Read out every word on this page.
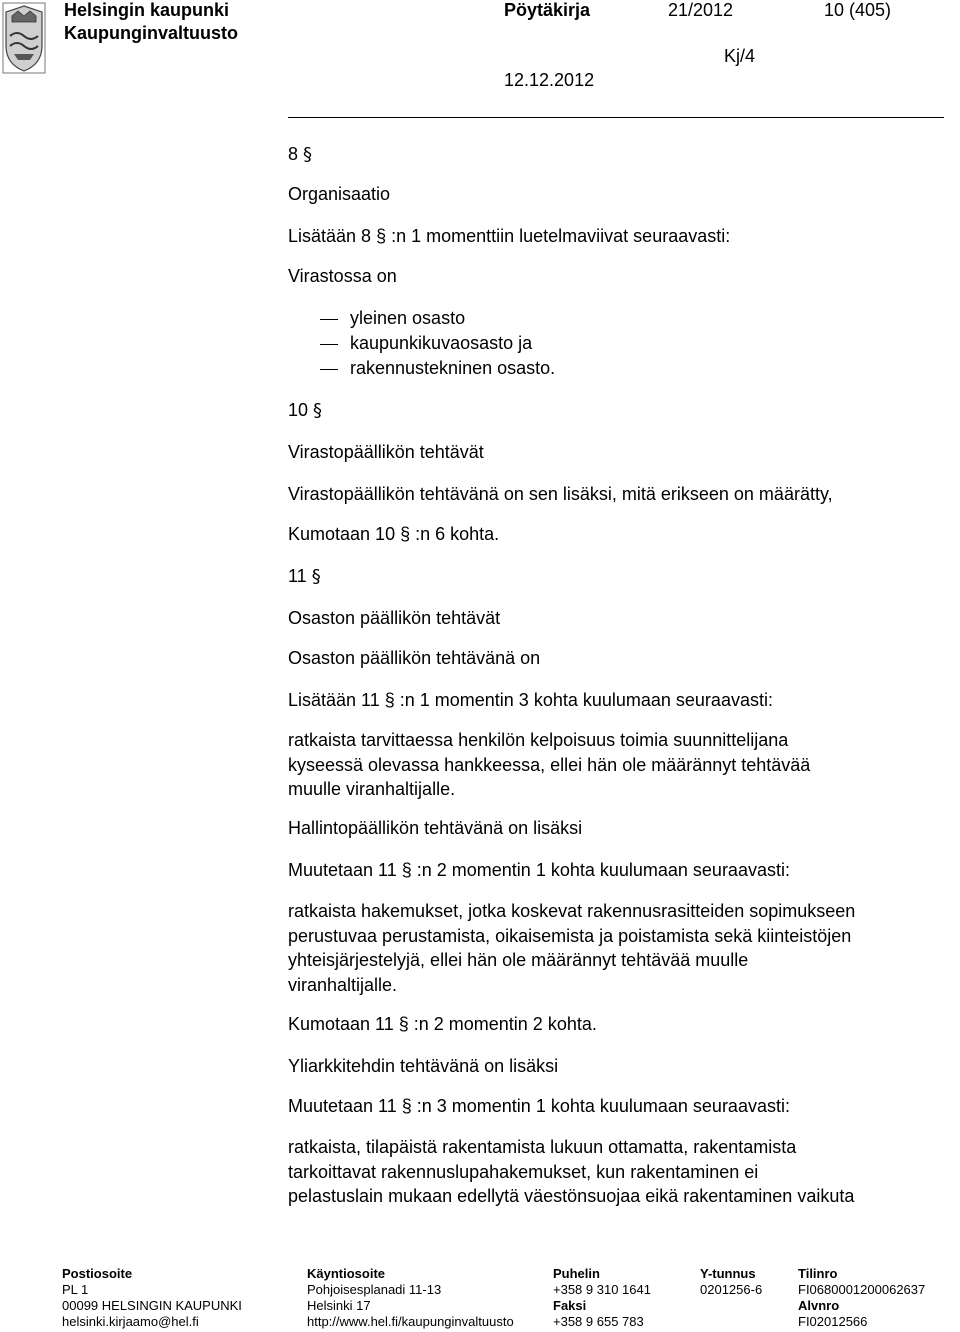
Helsingin kaupunki
Kaupunginvaltuusto
Pöytäkirja	21/2012	10 (405)
Kj/4
12.12.2012
8 §
Organisaatio
Lisätään 8 § :n 1 momenttiin luetelmaviivat seuraavasti:
Virastossa on
yleinen osasto
kaupunkikuvaosasto ja
rakennustekninen osasto.
10 §
Virastopäällikön tehtävät
Virastopäällikön tehtävänä on sen lisäksi, mitä erikseen on määrätty,
Kumotaan 10 § :n 6 kohta.
11 §
Osaston päällikön tehtävät
Osaston päällikön tehtävänä on
Lisätään 11 § :n 1 momentin 3 kohta kuulumaan seuraavasti:
ratkaista tarvittaessa henkilön kelpoisuus toimia suunnittelijana
kyseessä olevassa hankkeessa, ellei hän ole määrännyt tehtävää
muulle viranhaltijalle.
Hallintopäällikön tehtävänä on lisäksi
Muutetaan 11 § :n 2 momentin 1 kohta kuulumaan seuraavasti:
ratkaista hakemukset, jotka koskevat rakennusrasitteiden sopimukseen
perustuvaa perustamista, oikaisemista ja poistamista sekä kiinteistöjen
yhteisjärjestelyjä, ellei hän ole määrännyt tehtävää muulle
viranhaltijalle.
Kumotaan 11 § :n 2 momentin 2 kohta.
Yliarkkitehdin tehtävänä on lisäksi
Muutetaan 11 § :n 3 momentin 1 kohta kuulumaan seuraavasti:
ratkaista, tilapäistä rakentamista lukuun ottamatta, rakentamista
tarkoittavat rakennuslupahakemukset, kun rakentaminen ei
pelastuslain mukaan edellytä väestönsuojaa eikä rakentaminen vaikuta
Postiosoite
PL 1
00099 HELSINGIN KAUPUNKI
helsinki.kirjaamo@hel.fi
Käyntiosoite
Pohjoisesplanadi 11-13
Helsinki 17
http://www.hel.fi/kaupunginvaltuusto
Puhelin
+358 9 310 1641
Faksi
+358 9 655 783
Y-tunnus
0201256-6
Tilinro
FI0680001200062637
Alvnro
FI02012566
